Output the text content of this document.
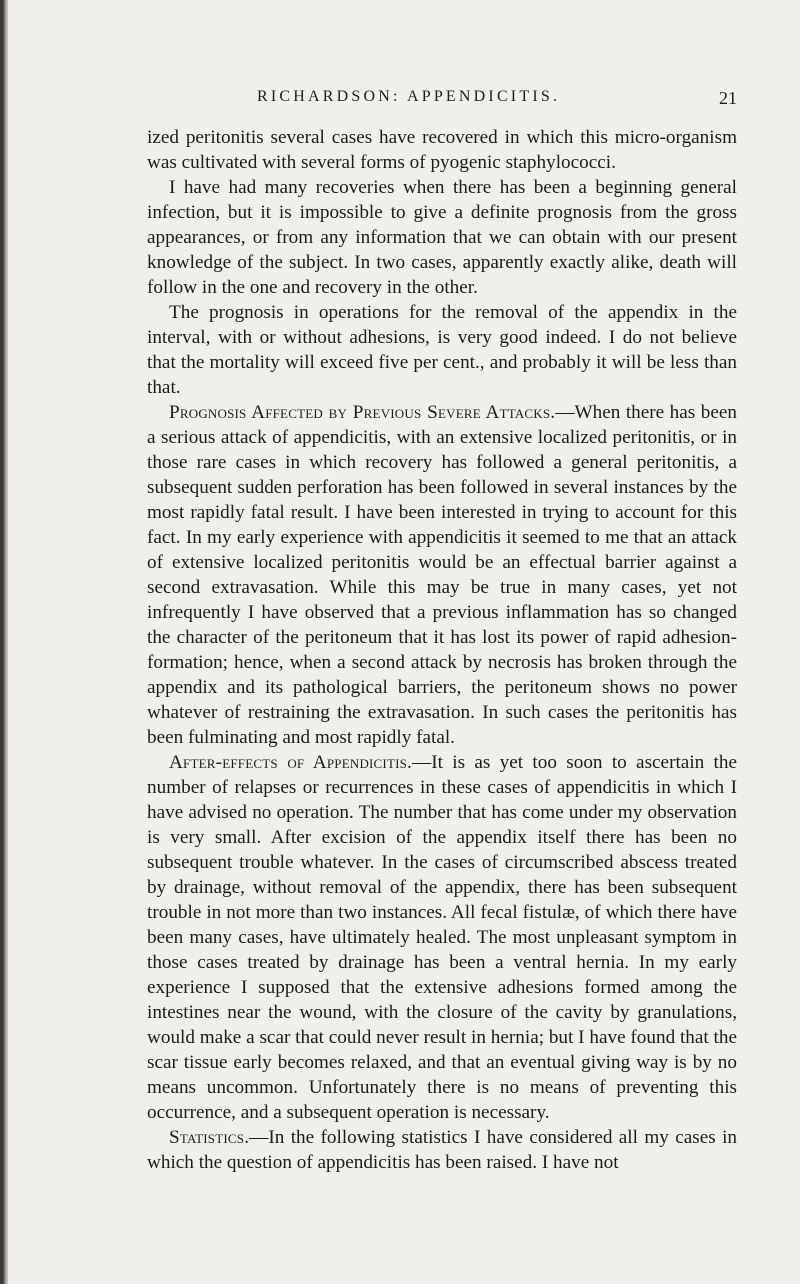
RICHARDSON: APPENDICITIS.	21

ized peritonitis several cases have recovered in which this micro-organism was cultivated with several forms of pyogenic staphylococci.

I have had many recoveries when there has been a beginning general infection, but it is impossible to give a definite prognosis from the gross appearances, or from any information that we can obtain with our present knowledge of the subject. In two cases, apparently exactly alike, death will follow in the one and recovery in the other.

The prognosis in operations for the removal of the appendix in the interval, with or without adhesions, is very good indeed. I do not believe that the mortality will exceed five per cent., and probably it will be less than that.

Prognosis Affected by Previous Severe Attacks.—When there has been a serious attack of appendicitis, with an extensive localized peritonitis, or in those rare cases in which recovery has followed a general peritonitis, a subsequent sudden perforation has been followed in several instances by the most rapidly fatal result. I have been interested in trying to account for this fact. In my early experience with appendicitis it seemed to me that an attack of extensive localized peritonitis would be an effectual barrier against a second extravasation. While this may be true in many cases, yet not infrequently I have observed that a previous inflammation has so changed the character of the peritoneum that it has lost its power of rapid adhesion-formation; hence, when a second attack by necrosis has broken through the appendix and its pathological barriers, the peritoneum shows no power whatever of restraining the extravasation. In such cases the peritonitis has been fulminating and most rapidly fatal.

After-effects of Appendicitis.—It is as yet too soon to ascertain the number of relapses or recurrences in these cases of appendicitis in which I have advised no operation. The number that has come under my observation is very small. After excision of the appendix itself there has been no subsequent trouble whatever. In the cases of circumscribed abscess treated by drainage, without removal of the appendix, there has been subsequent trouble in not more than two instances. All fecal fistulæ, of which there have been many cases, have ultimately healed. The most unpleasant symptom in those cases treated by drainage has been a ventral hernia. In my early experience I supposed that the extensive adhesions formed among the intestines near the wound, with the closure of the cavity by granulations, would make a scar that could never result in hernia; but I have found that the scar tissue early becomes relaxed, and that an eventual giving way is by no means uncommon. Unfortunately there is no means of preventing this occurrence, and a subsequent operation is necessary.

Statistics.—In the following statistics I have considered all my cases in which the question of appendicitis has been raised. I have not
